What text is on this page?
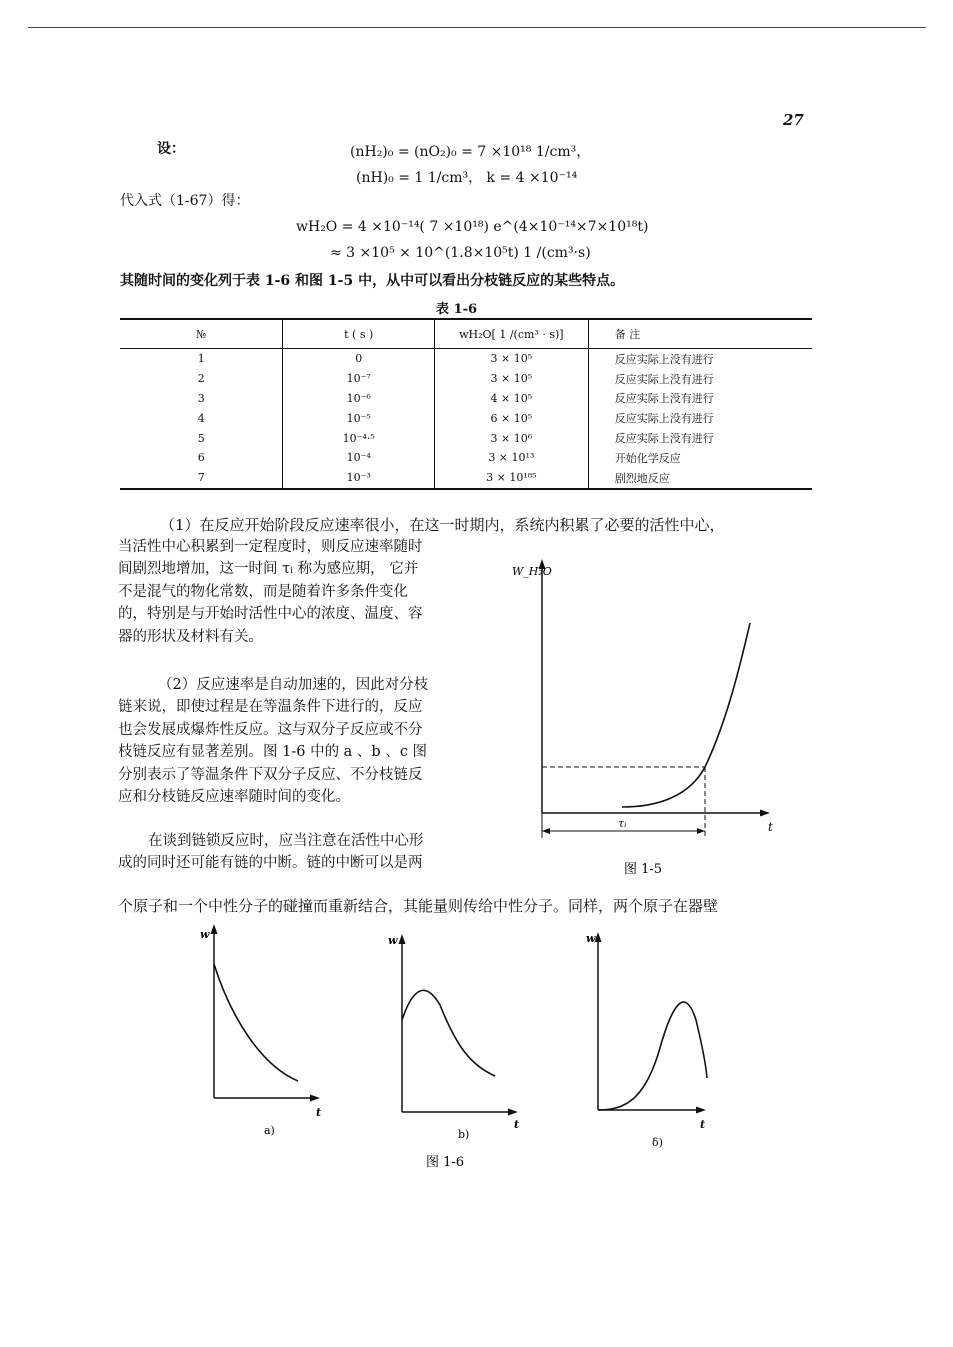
27
设：	(nH₂)₀ = (nO₂)₀ = 7 ×10¹⁸ 1/cm³，
(nH)₀ = 1 1/cm³， k = 4 ×10⁻¹⁴
代入式（1-67）得：
wH₂O = 4 ×10⁻¹⁴( 7 ×10¹⁸) e^(4×10⁻¹⁴×7×10¹⁸t)
≈ 3 ×10⁵ × 10^(1.8×10⁵t) 1 /(cm³·s)
其随时间的变化列于表 1-6 和图 1-5 中，从中可以看出分枝链反应的某些特点。
表 1-6
№	t ( s )	wH₂O[ 1 /(cm³ · s)]	备 注
1	0	3 × 10⁵	反应实际上没有进行
2	10⁻⁷	3 × 10⁵	反应实际上没有进行
3	10⁻⁶	4 × 10⁵	反应实际上没有进行
4	10⁻⁵	6 × 10⁵	反应实际上没有进行
5	10⁻⁴·⁵	3 × 10⁶	反应实际上没有进行
6	10⁻⁴	3 × 10¹³	开始化学反应
7	10⁻³	3 × 10¹⁸⁵	剧烈地反应
（1）在反应开始阶段反应速率很小，在这一时期内，系统内积累了必要的活性中心，
当活性中心积累到一定程度时，则反应速率随时
间剧烈地增加，这一时间 τᵢ 称为感应期， 它并
不是混气的物化常数，而是随着许多条件变化
的，特别是与开始时活性中心的浓度、温度、容
器的形状及材料有关。
（2）反应速率是自动加速的，因此对分枝
链来说，即使过程是在等温条件下进行的，反应
也会发展成爆炸性反应。这与双分子反应或不分
枝链反应有显著差别。图 1-6 中的 a 、b 、c 图
分别表示了等温条件下双分子反应、不分枝链反
应和分枝链反应速率随时间的变化。
在谈到链锁反应时，应当注意在活性中心形
成的同时还可能有链的中断。链的中断可以是两
个原子和一个中性分子的碰撞而重新结合，其能量则传给中性分子。同样，两个原子在器壁
W_H₂O
t
τᵢ
图 1-5
w
t
a)
w
t
b)
w
t
δ)
图 1-6
